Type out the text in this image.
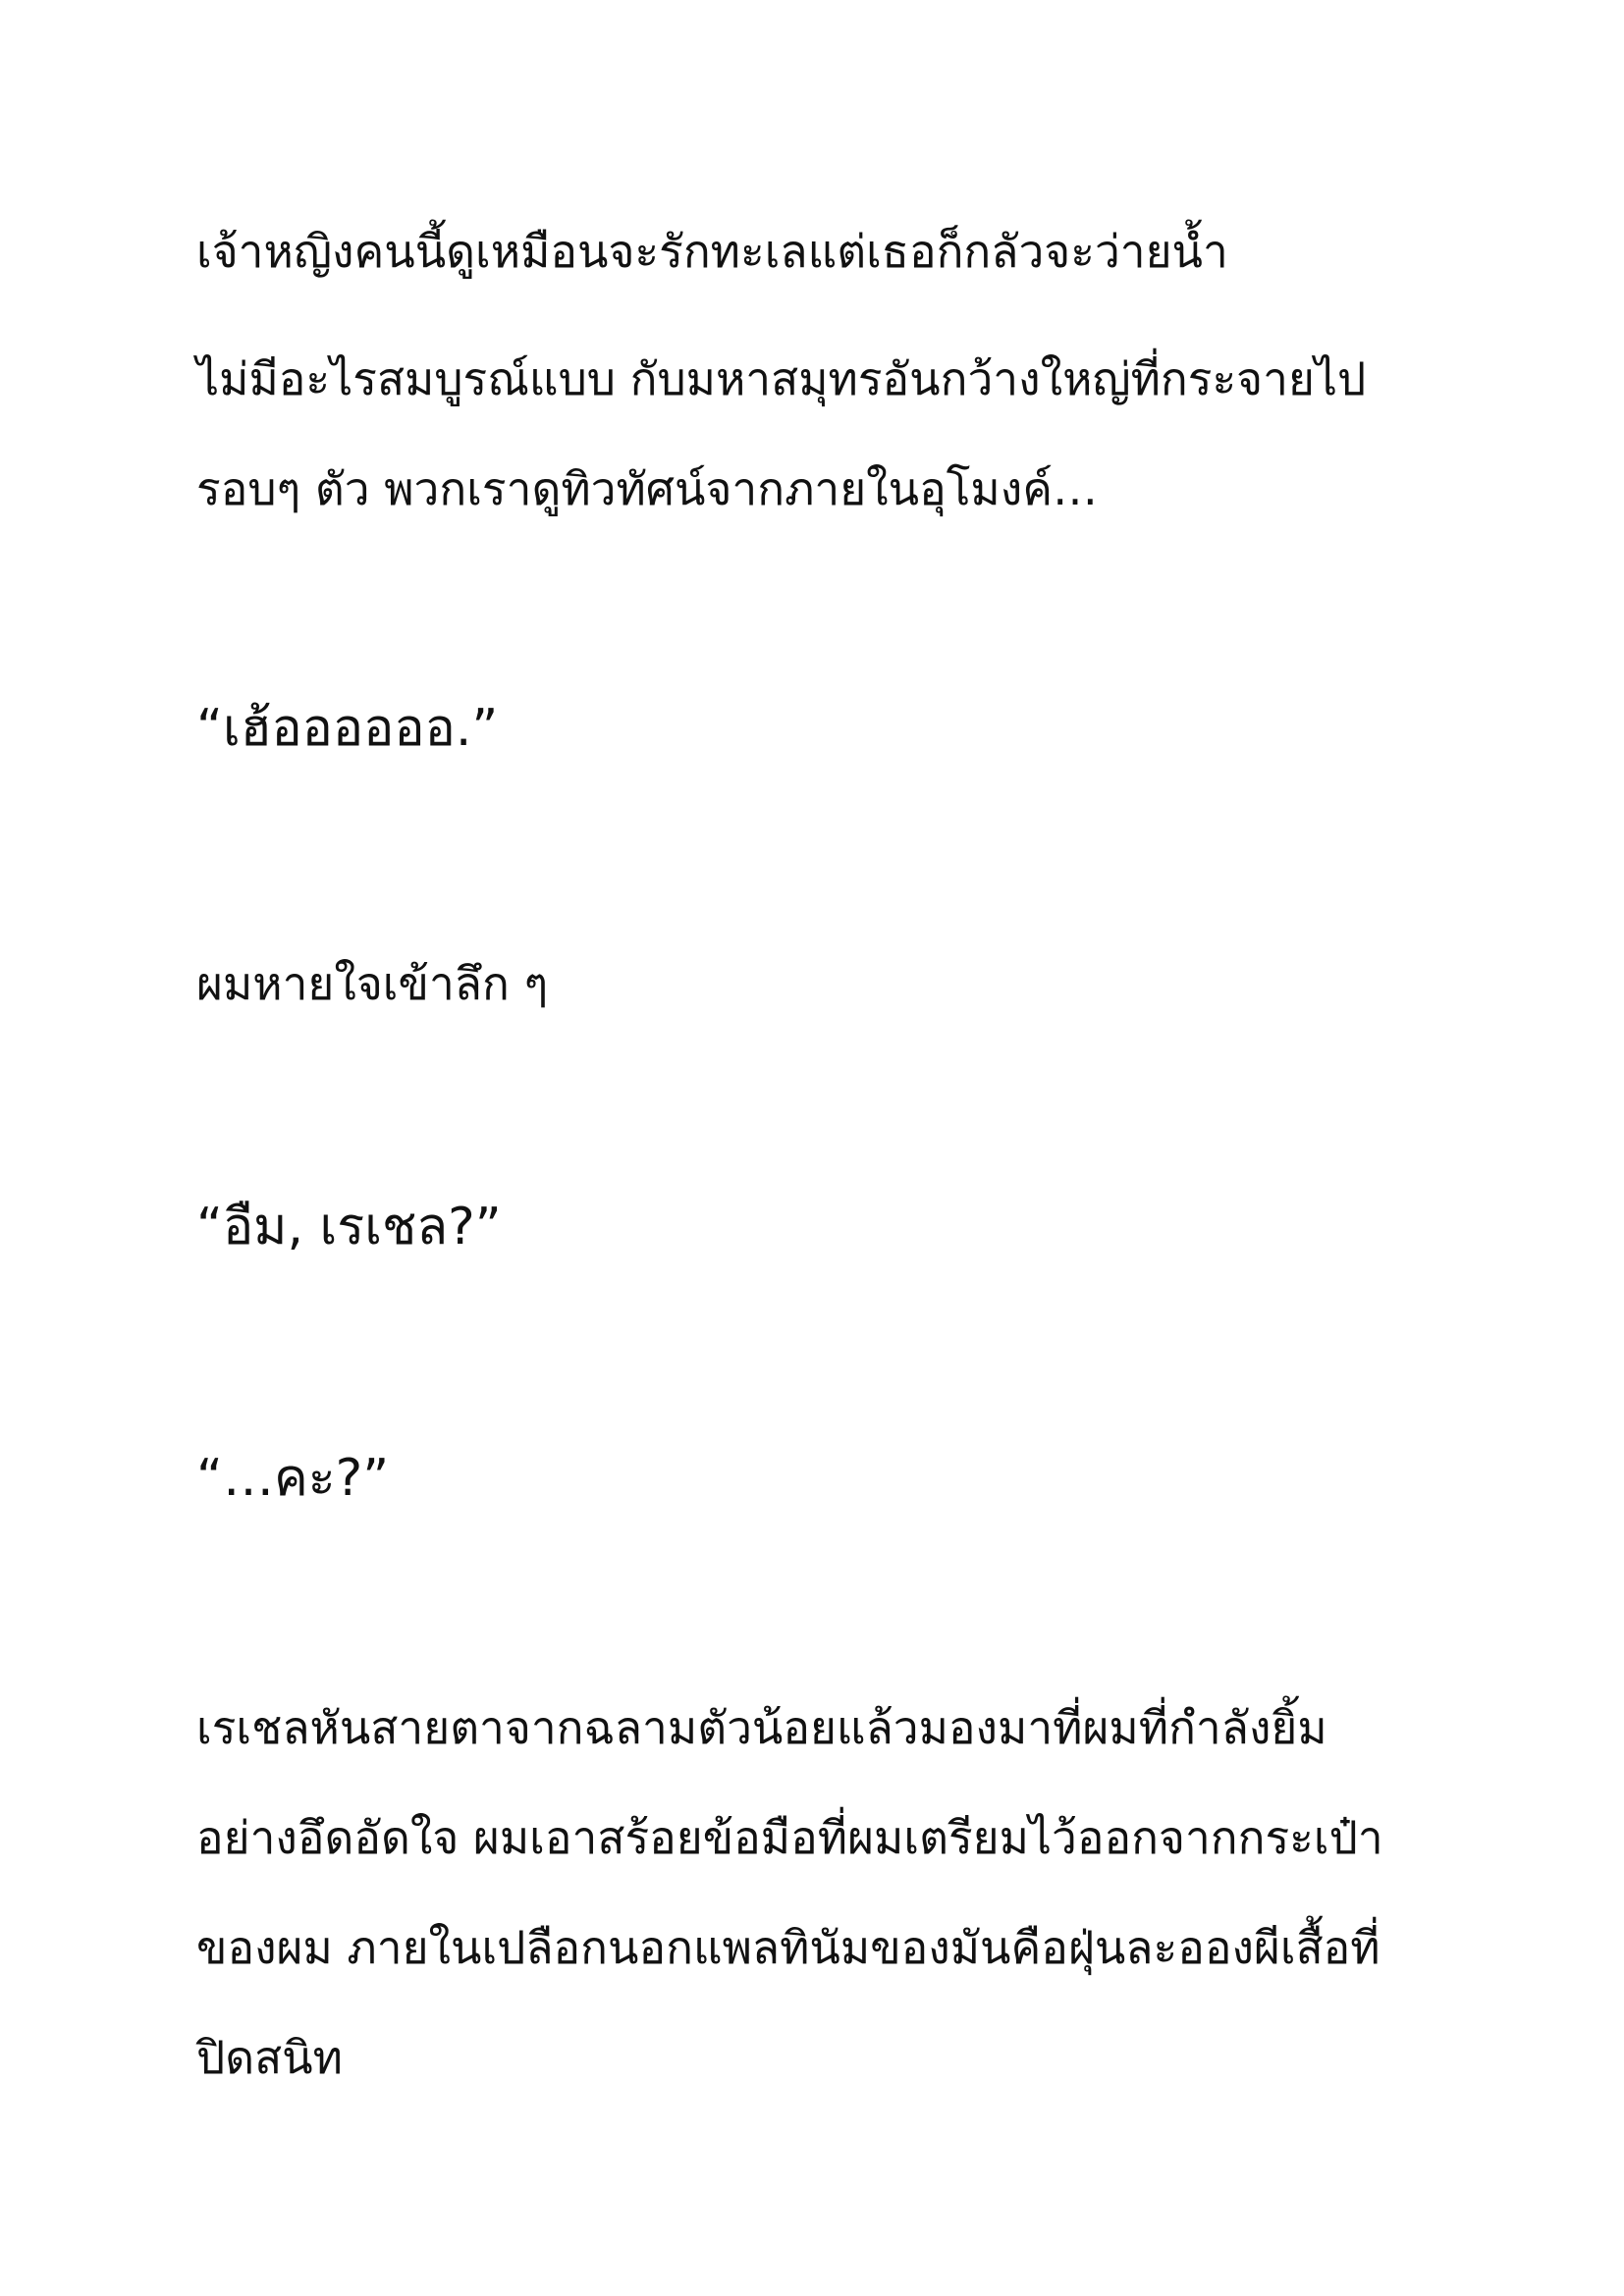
เจ้าหญิงคนนี้ดูเหมือนจะรักทะเลแต่เธอก็กลัวจะว่ายน้ำ

ไม่มีอะไรสมบูรณ์แบบ กับมหาสมุทรอันกว้างใหญ่ที่กระจายไป

รอบๆ ตัว พวกเราดูทิวทัศน์จากภายในอุโมงค์…

“เฮ้ออออออ.”

ผมหายใจเข้าลึก ๆ

“อืม, เรเชล?”

“…คะ?”

เรเชลหันสายตาจากฉลามตัวน้อยแล้วมองมาที่ผมที่กำลังยิ้ม

อย่างอึดอัดใจ ผมเอาสร้อยข้อมือที่ผมเตรียมไว้ออกจากกระเป๋า

ของผม ภายในเปลือกนอกแพลทินัมของมันคือฝุ่นละอองผีเสื้อที่

ปิดสนิท
